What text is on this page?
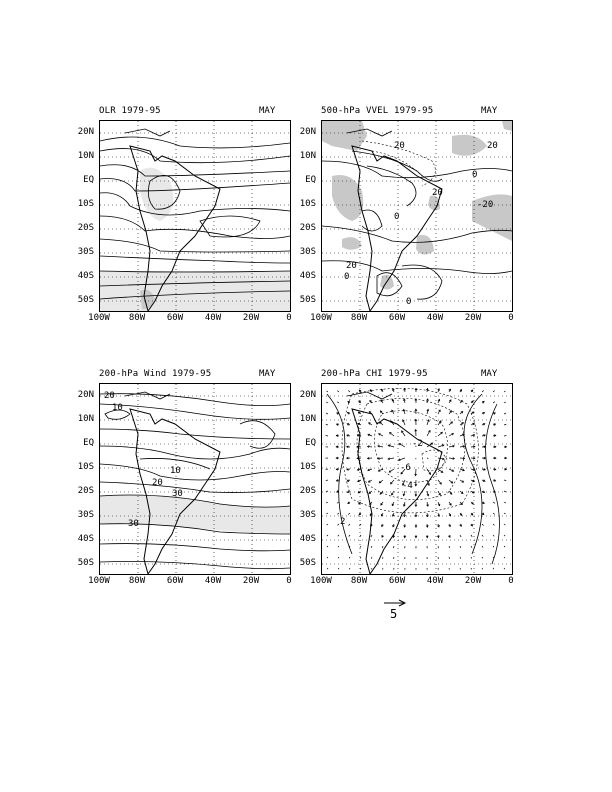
OLR 1979-95	MAY
20N
10N
EQ
10S
20S
30S
40S
50S
100W	80W	60W	40W	20W	0
500-hPa VVEL 1979-95	MAY
20	20
0
0
20
-20
20
0
0
20N
10N
EQ
10S
20S
30S
40S
50S
100W	80W	60W	40W	20W	0
200-hPa Wind 1979-95	MAY
20
10
10
20
30
30
20N
10N
EQ
10S
20S
30S
40S
50S
100W	80W	60W	40W	20W	0
200-hPa CHI 1979-95	MAY
-2
-6
-4
2
20N
10N
EQ
10S
20S
30S
40S
50S
100W	80W	60W	40W	20W	0
5
